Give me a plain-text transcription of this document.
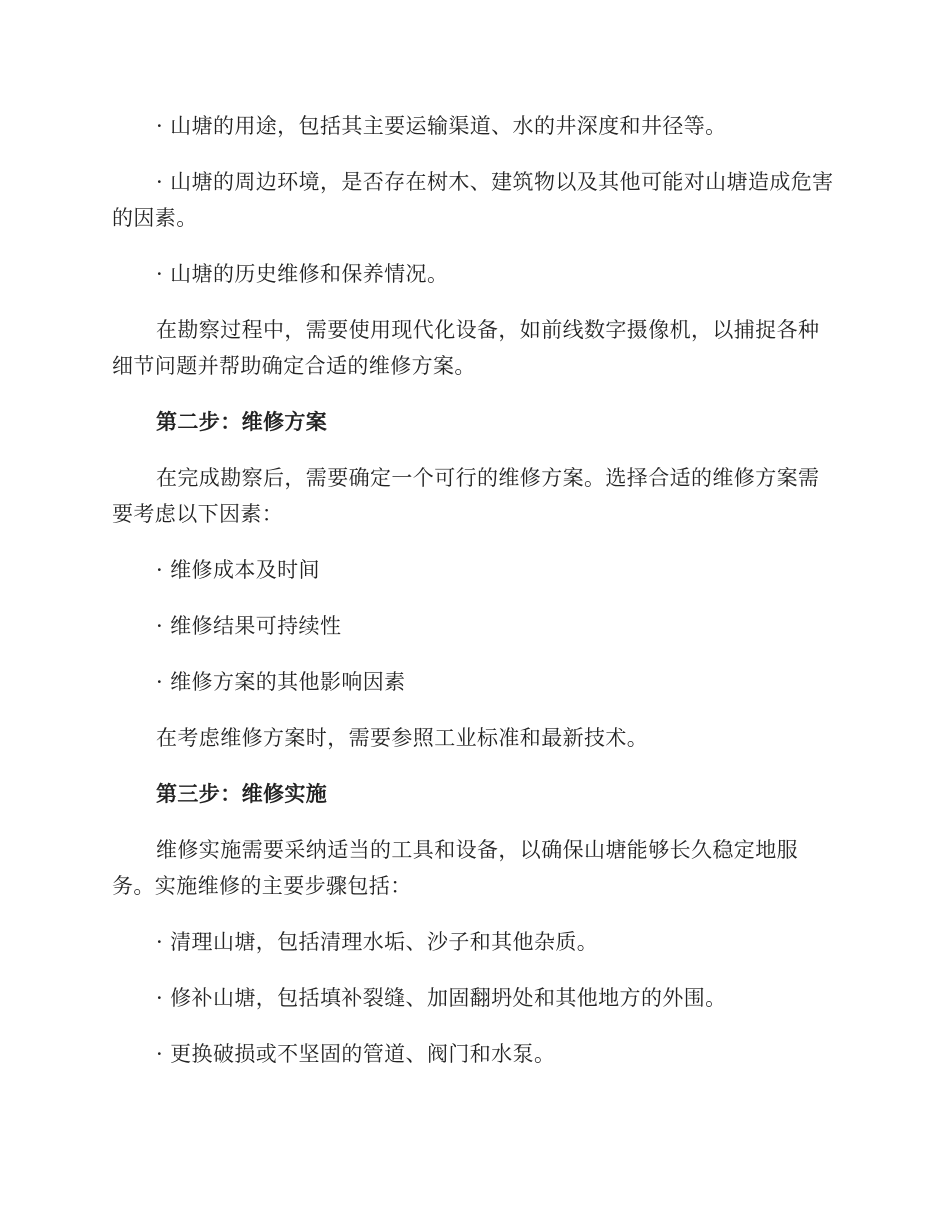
· 山塘的用途，包括其主要运输渠道、水的井深度和井径等。

· 山塘的周边环境，是否存在树木、建筑物以及其他可能对山塘造成危害的因素。

· 山塘的历史维修和保养情况。

在勘察过程中，需要使用现代化设备，如前线数字摄像机，以捕捉各种细节问题并帮助确定合适的维修方案。

第二步：维修方案

在完成勘察后，需要确定一个可行的维修方案。选择合适的维修方案需要考虑以下因素：

· 维修成本及时间

· 维修结果可持续性

· 维修方案的其他影响因素

在考虑维修方案时，需要参照工业标准和最新技术。

第三步：维修实施

维修实施需要采纳适当的工具和设备，以确保山塘能够长久稳定地服务。实施维修的主要步骤包括：

· 清理山塘，包括清理水垢、沙子和其他杂质。

· 修补山塘，包括填补裂缝、加固翻坍处和其他地方的外围。

· 更换破损或不坚固的管道、阀门和水泵。
